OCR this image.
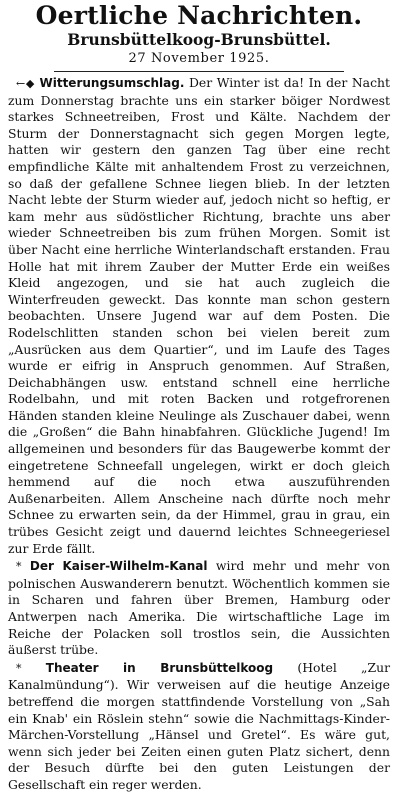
Oertliche Nachrichten.
Brunsbüttelkoog-Brunsbüttel.
27 November 1925.

←◆ Witterungsumschlag. Der Winter ist da! In der Nacht zum Donnerstag brachte uns ein starker böiger Nordwest starkes Schneetreiben, Frost und Kälte. Nachdem der Sturm der Donnerstagnacht sich gegen Morgen legte, hatten wir gestern den ganzen Tag über eine recht empfindliche Kälte mit anhaltendem Frost zu verzeichnen, so daß der gefallene Schnee liegen blieb. In der letzten Nacht lebte der Sturm wieder auf, jedoch nicht so heftig, er kam mehr aus südöstlicher Richtung, brachte uns aber wieder Schneetreiben bis zum frühen Morgen. Somit ist über Nacht eine herrliche Winterlandschaft erstanden. Frau Holle hat mit ihrem Zauber der Mutter Erde ein weißes Kleid angezogen, und sie hat auch zugleich die Winterfreuden geweckt. Das konnte man schon gestern beobachten. Unsere Jugend war auf dem Posten. Die Rodelschlitten standen schon bei vielen bereit zum „Ausrücken aus dem Quartier“, und im Laufe des Tages wurde er eifrig in Anspruch genommen. Auf Straßen, Deichabhängen usw. entstand schnell eine herrliche Rodelbahn, und mit roten Backen und rotgefrorenen Händen standen kleine Neulinge als Zuschauer dabei, wenn die „Großen“ die Bahn hinabfahren. Glückliche Jugend! Im allgemeinen und besonders für das Baugewerbe kommt der eingetretene Schneefall ungelegen, wirkt er doch gleich hemmend auf die noch etwa auszuführenden Außenarbeiten. Allem Anscheine nach dürfte noch mehr Schnee zu erwarten sein, da der Himmel, grau in grau, ein trübes Gesicht zeigt und dauernd leichtes Schneegeriesel zur Erde fällt.

* Der Kaiser-Wilhelm-Kanal wird mehr und mehr von polnischen Auswanderern benutzt. Wöchentlich kommen sie in Scharen und fahren über Bremen, Hamburg oder Antwerpen nach Amerika. Die wirtschaftliche Lage im Reiche der Polacken soll trostlos sein, die Aussichten äußerst trübe.

* Theater in Brunsbüttelkoog (Hotel „Zur Kanalmündung“). Wir verweisen auf die heutige Anzeige betreffend die morgen stattfindende Vorstellung von „Sah ein Knab' ein Röslein stehn“ sowie die Nachmittags-Kinder-Märchen-Vorstellung „Hänsel und Gretel“. Es wäre gut, wenn sich jeder bei Zeiten einen guten Platz sichert, denn der Besuch dürfte bei den guten Leistungen der Gesellschaft ein reger werden.
